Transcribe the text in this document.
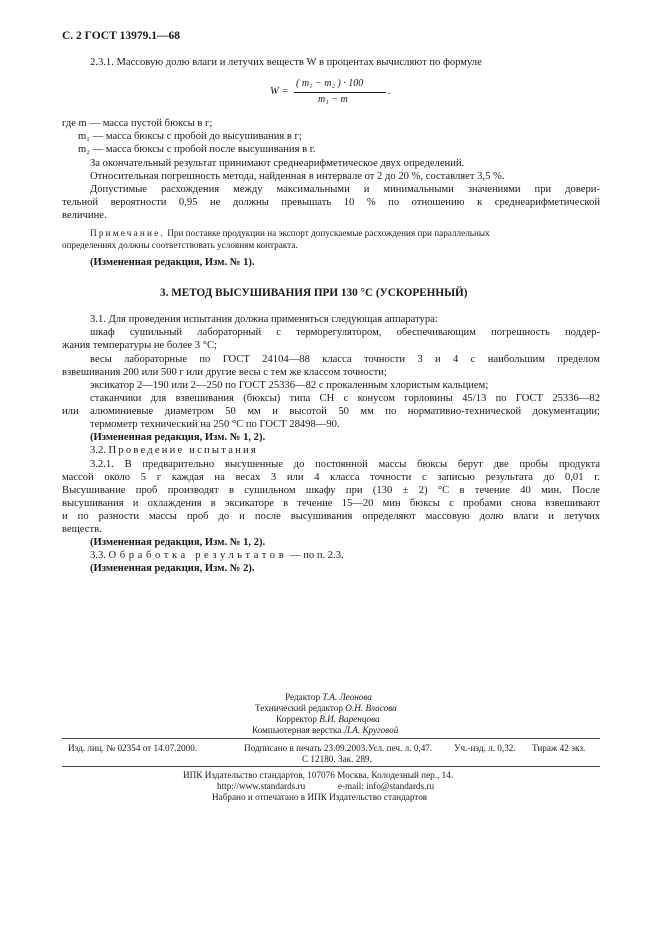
С. 2 ГОСТ 13979.1—68
2.3.1. Массовую долю влаги и летучих веществ W в процентах вычисляют по формуле
W =
( m₁ − m₂ ) · 100
m₁ − m
.
где m — масса пустой бюксы в г;
m₁ — масса бюксы с пробой до высушивания в г;
m₂ — масса бюксы с пробой после высушивания в г.
За окончательный результат принимают среднеарифметическое двух определений.
Относительная погрешность метода, найденная в интервале от 2 до 20 %, составляет 3,5 %.
Допустимые расхождения между максимальными и минимальными значениями при довери-
тельной вероятности 0,95 не должны превышать 10 % по отношению к среднеарифметической
величине.
Примечание. При поставке продукции на экспорт допускаемые расхождения при параллельных
определениях должны соответствовать условиям контракта.
(Измененная редакция, Изм. № 1).
3. МЕТОД ВЫСУШИВАНИЯ ПРИ 130 °С (УСКОРЕННЫЙ)
3.1. Для проведения испытания должна применяться следующая аппаратура:
шкаф сушильный лабораторный с терморегулятором, обеспечивающим погрешность поддер-
жания температуры не более 3 °С;
весы лабораторные по ГОСТ 24104—88 класса точности 3 и 4 с наибольшим пределом
взвешивания 200 или 500 г или другие весы с тем же классом точности;
эксикатор 2—190 или 2—250 по ГОСТ 25336—82 с прокаленным хлористым кальцием;
стаканчики для взвешивания (бюксы) типа СН с конусом горловины 45/13 по ГОСТ 25336—82
или алюминиевые диаметром 50 мм и высотой 50 мм по нормативно-технической документации;
термометр технический на 250 °С по ГОСТ 28498—90.
(Измененная редакция, Изм. № 1, 2).
3.2. Проведение испытания
3.2.1. В предварительно высушенные до постоянной массы бюксы берут две пробы продукта
массой около 5 г каждая на весах 3 или 4 класса точности с записью результата до 0,01 г.
Высушивание проб производят в сушильном шкафу при (130 ± 2) °С в течение 40 мин. После
высушивания и охлаждения в эксикаторе в течение 15—20 мин бюксы с пробами снова взвешивают
и по разности массы проб до и после высушивания определяют массовую долю влаги и летучих
веществ.
(Измененная редакция, Изм. № 1, 2).
3.3. Обработка результатов — по п. 2.3.
(Измененная редакция, Изм. № 2).
Редактор Т.А. Леонова
Технический редактор О.Н. Власова
Корректор В.И. Варенцова
Компьютерная верстка Л.А. Круговой
Изд. лиц. № 02354 от 14.07.2000.	Подписано в печать 23.09.2003. Усл. печ. л. 0,47. Уч.-изд. л. 0,32. Тираж 42 экз.
С 12180. Зак. 289.
ИПК Издательство стандартов, 107076 Москва, Колодезный пер., 14.
http://www.standards.ru	e-mail: info@standards.ru
Набрано и отпечатано в ИПК Издательство стандартов
